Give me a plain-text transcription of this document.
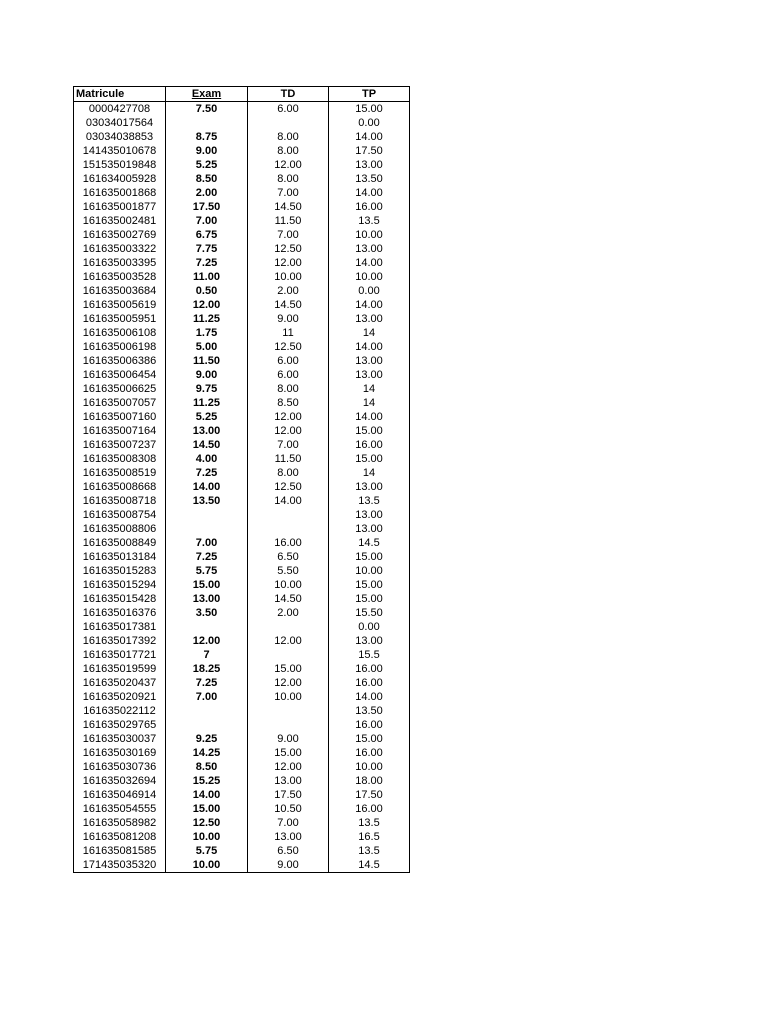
Matricule	Exam	TD	TP
0000427708	7.50	6.00	15.00
03034017564			0.00
03034038853	8.75	8.00	14.00
141435010678	9.00	8.00	17.50
151535019848	5.25	12.00	13.00
161634005928	8.50	8.00	13.50
161635001868	2.00	7.00	14.00
161635001877	17.50	14.50	16.00
161635002481	7.00	11.50	13.5
161635002769	6.75	7.00	10.00
161635003322	7.75	12.50	13.00
161635003395	7.25	12.00	14.00
161635003528	11.00	10.00	10.00
161635003684	0.50	2.00	0.00
161635005619	12.00	14.50	14.00
161635005951	11.25	9.00	13.00
161635006108	1.75	11	14
161635006198	5.00	12.50	14.00
161635006386	11.50	6.00	13.00
161635006454	9.00	6.00	13.00
161635006625	9.75	8.00	14
161635007057	11.25	8.50	14
161635007160	5.25	12.00	14.00
161635007164	13.00	12.00	15.00
161635007237	14.50	7.00	16.00
161635008308	4.00	11.50	15.00
161635008519	7.25	8.00	14
161635008668	14.00	12.50	13.00
161635008718	13.50	14.00	13.5
161635008754			13.00
161635008806			13.00
161635008849	7.00	16.00	14.5
161635013184	7.25	6.50	15.00
161635015283	5.75	5.50	10.00
161635015294	15.00	10.00	15.00
161635015428	13.00	14.50	15.00
161635016376	3.50	2.00	15.50
161635017381			0.00
161635017392	12.00	12.00	13.00
161635017721	7		15.5
161635019599	18.25	15.00	16.00
161635020437	7.25	12.00	16.00
161635020921	7.00	10.00	14.00
161635022112			13.50
161635029765			16.00
161635030037	9.25	9.00	15.00
161635030169	14.25	15.00	16.00
161635030736	8.50	12.00	10.00
161635032694	15.25	13.00	18.00
161635046914	14.00	17.50	17.50
161635054555	15.00	10.50	16.00
161635058982	12.50	7.00	13.5
161635081208	10.00	13.00	16.5
161635081585	5.75	6.50	13.5
171435035320	10.00	9.00	14.5
